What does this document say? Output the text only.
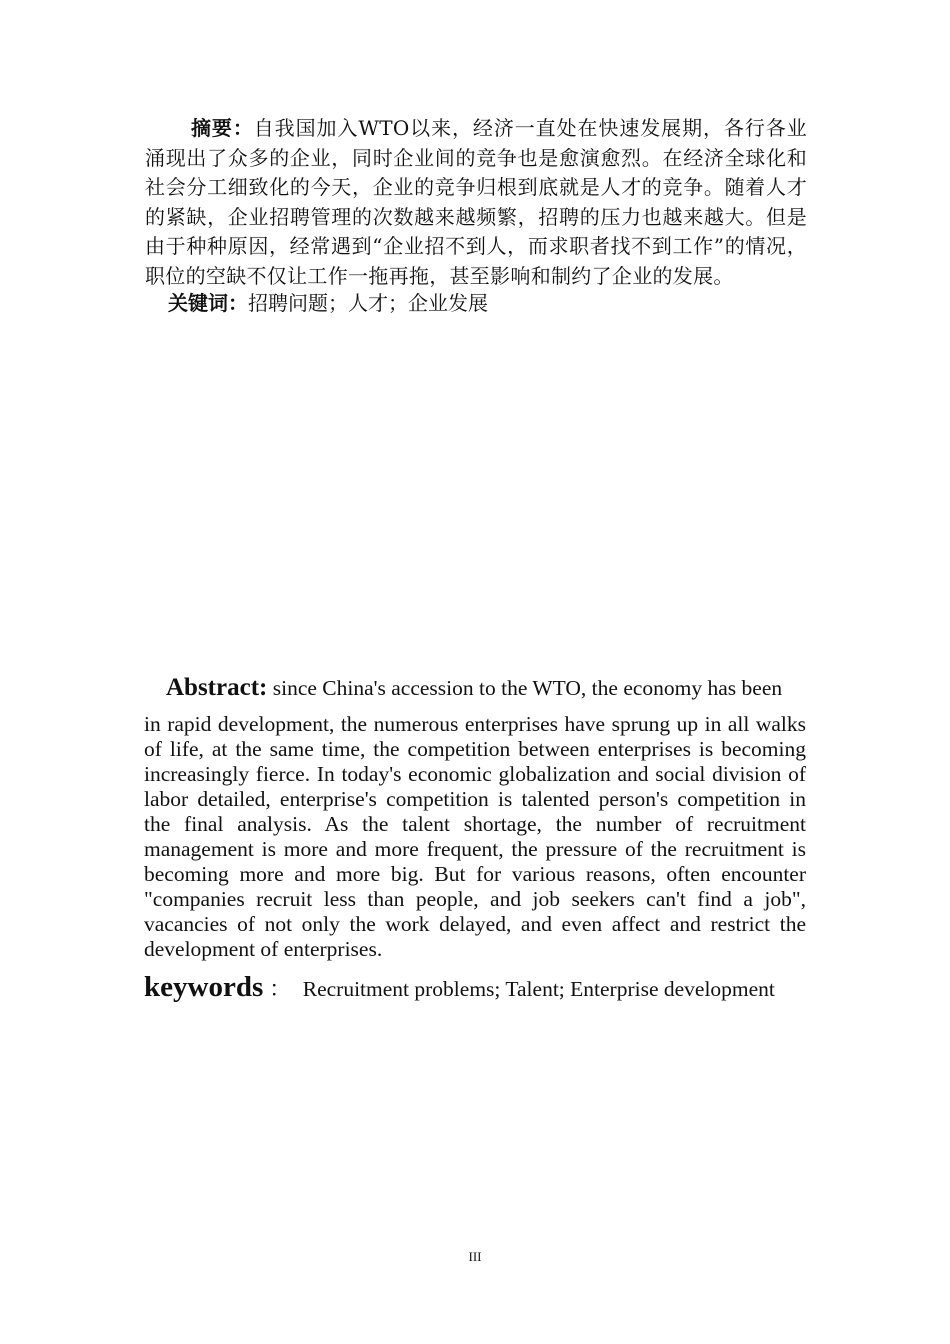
摘要：自我国加入WTO以来，经济一直处在快速发展期，各行各业涌现出了众多的企业，同时企业间的竞争也是愈演愈烈。在经济全球化和社会分工细致化的今天，企业的竞争归根到底就是人才的竞争。随着人才的紧缺，企业招聘管理的次数越来越频繁，招聘的压力也越来越大。但是由于种种原因，经常遇到“企业招不到人，而求职者找不到工作”的情况，职位的空缺不仅让工作一拖再拖，甚至影响和制约了企业的发展。

关键词：招聘问题；人才；企业发展

Abstract: since China's accession to the WTO, the economy has been

in rapid development, the numerous enterprises have sprung up in all walks of life, at the same time, the competition between enterprises is becoming increasingly fierce. In today's economic globalization and social division of labor detailed, enterprise's competition is talented person's competition in the final analysis. As the talent shortage, the number of recruitment management is more and more frequent, the pressure of the recruitment is becoming more and more big. But for various reasons, often encounter "companies recruit less than people, and job seekers can't find a job", vacancies of not only the work delayed, and even affect and restrict the development of enterprises.

keywords ： Recruitment problems; Talent; Enterprise development

III
